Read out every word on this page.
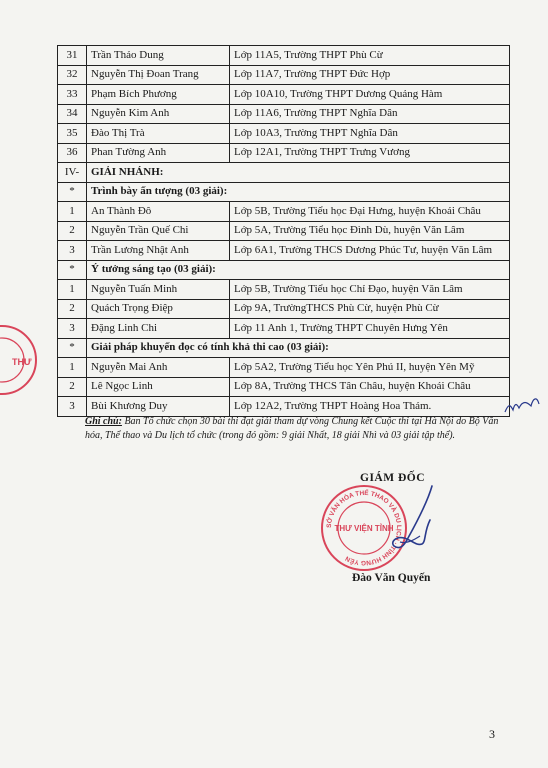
31	Trần Thảo Dung	Lớp 11A5, Trường THPT Phù Cừ
32	Nguyễn Thị Đoan Trang	Lớp 11A7, Trường THPT Đức Hợp
33	Phạm Bích Phương	Lớp 10A10, Trường THPT Dương Quảng Hàm
34	Nguyễn Kim Anh	Lớp 11A6, Trường THPT Nghĩa Dân
35	Đào Thị Trà	Lớp 10A3, Trường THPT Nghĩa Dân
36	Phan Tường Anh	Lớp 12A1, Trường THPT Trưng Vương
IV-	GIẢI NHÁNH:	
*	Trình bày ấn tượng (03 giải):	
1	An Thành Đô	Lớp 5B, Trường Tiểu học Đại Hưng, huyện Khoái Châu
2	Nguyễn Trần Quế Chi	Lớp 5A, Trường Tiểu học Đình Dù, huyện Văn Lâm
3	Trần Lương Nhật Anh	Lớp 6A1, Trường THCS Dương Phúc Tư, huyện Văn Lâm
*	Ý tưởng sáng tạo (03 giải):	
1	Nguyễn Tuấn Minh	Lớp 5B, Trường Tiểu học Chỉ Đạo, huyện Văn Lâm
2	Quách Trọng Điệp	Lớp 9A, TrườngTHCS Phù Cừ, huyện Phù Cừ
3	Đặng Linh Chi	Lớp 11 Anh 1, Trường THPT Chuyên Hưng Yên
*	Giải pháp khuyến đọc có tính khả thi cao (03 giải):	
1	Nguyễn Mai Anh	Lớp 5A2, Trường Tiểu học Yên Phú II, huyện Yên Mỹ
2	Lê Ngọc Linh	Lớp 8A, Trường THCS Tân Châu, huyện Khoái Châu
3	Bùi Khương Duy	Lớp 12A2, Trường THPT Hoàng Hoa Thám.
Ghi chú: Ban Tổ chức chọn 30 bài thi đạt giải tham dự vòng Chung kết Cuộc thi tại Hà Nội do Bộ Văn hóa, Thể thao và Du lịch tổ chức (trong đó gồm: 9 giải Nhất, 18 giải Nhì và 03 giải tập thể).
GIÁM ĐỐC
Đào Văn Quyến
SỞ VĂN HÓA THỂ THAO VÀ DU LỊCH · TỈNH HƯNG YÊN
THƯ VIỆN TỈNH
THƯ
3
